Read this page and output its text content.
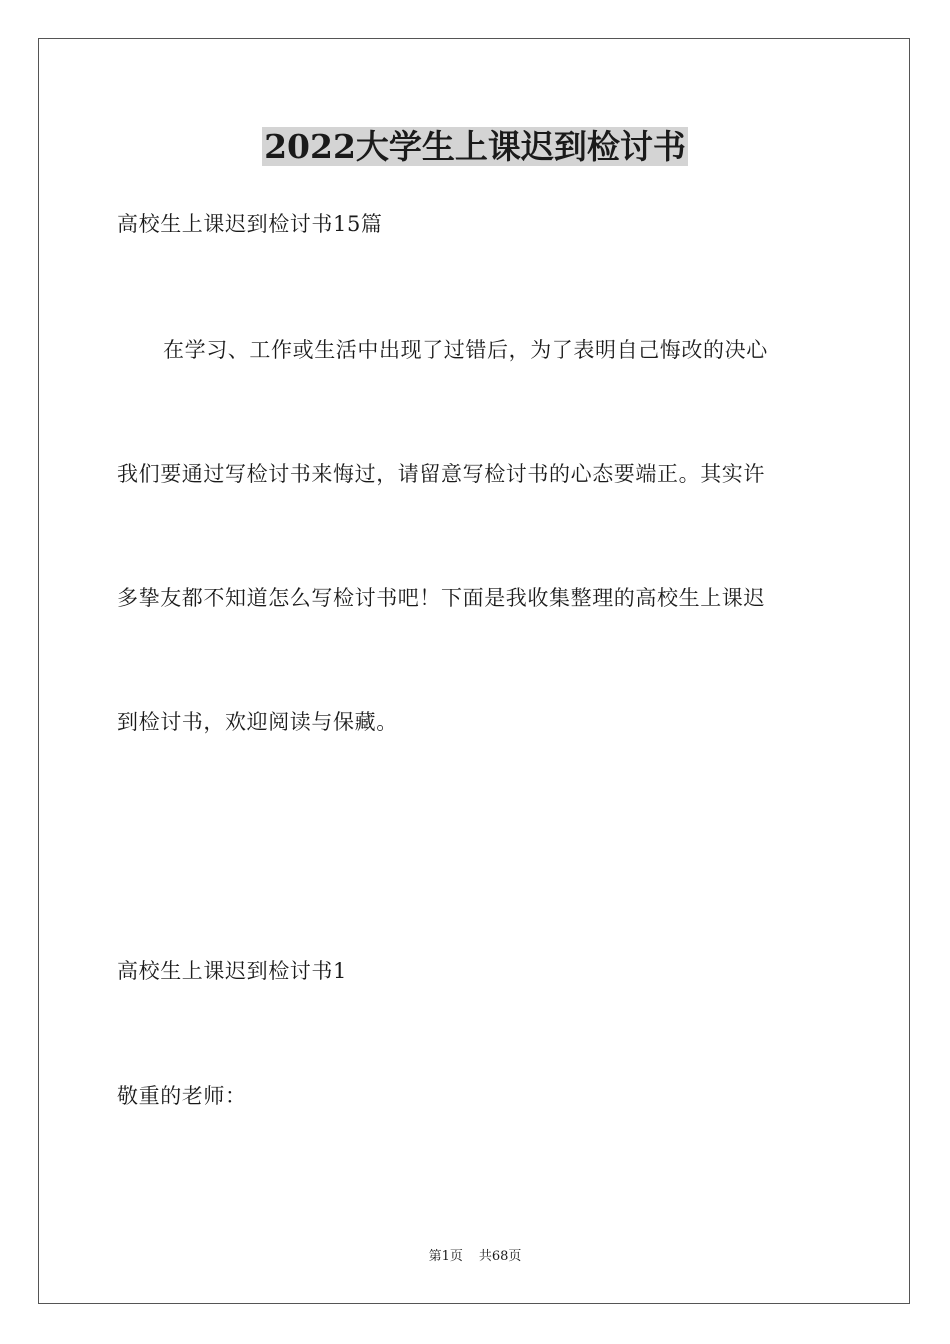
2022大学生上课迟到检讨书
高校生上课迟到检讨书15篇
在学习、工作或生活中出现了过错后，为了表明自己悔改的决心
我们要通过写检讨书来悔过，请留意写检讨书的心态要端正。其实许
多挚友都不知道怎么写检讨书吧！下面是我收集整理的高校生上课迟
到检讨书，欢迎阅读与保藏。
高校生上课迟到检讨书1
敬重的老师：
第1页 共68页
